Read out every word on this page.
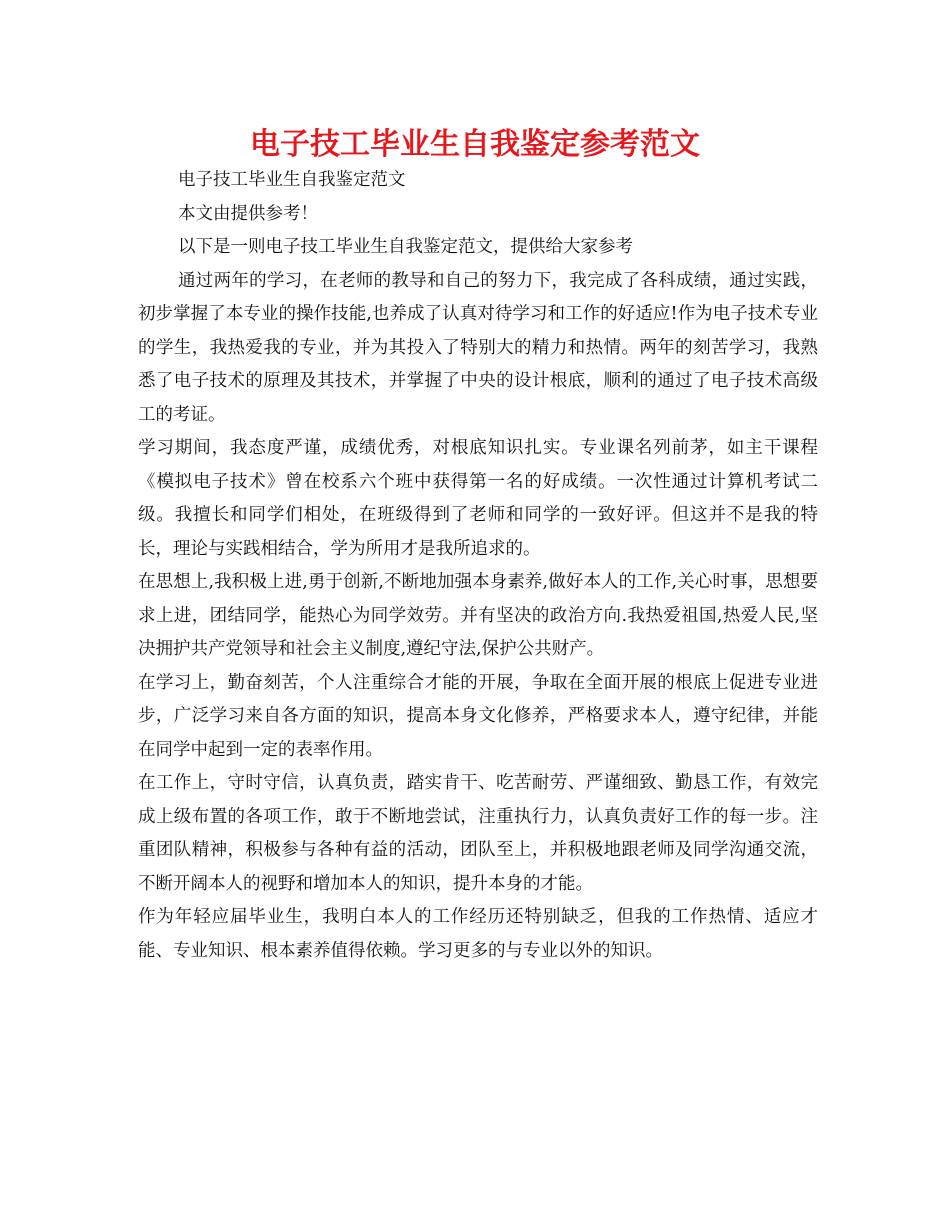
电子技工毕业生自我鉴定参考范文

电子技工毕业生自我鉴定范文

本文由提供参考！

以下是一则电子技工毕业生自我鉴定范文，提供给大家参考

通过两年的学习，在老师的教导和自己的努力下，我完成了各科成绩，通过实践，初步掌握了本专业的操作技能,也养成了认真对待学习和工作的好适应!作为电子技术专业的学生，我热爱我的专业，并为其投入了特别大的精力和热情。两年的刻苦学习，我熟悉了电子技术的原理及其技术，并掌握了中央的设计根底，顺利的通过了电子技术高级工的考证。

学习期间，我态度严谨，成绩优秀，对根底知识扎实。专业课名列前茅，如主干课程《模拟电子技术》曾在校系六个班中获得第一名的好成绩。一次性通过计算机考试二级。我擅长和同学们相处，在班级得到了老师和同学的一致好评。但这并不是我的特长，理论与实践相结合，学为所用才是我所追求的。

在思想上,我积极上进,勇于创新,不断地加强本身素养,做好本人的工作,关心时事，思想要求上进，团结同学，能热心为同学效劳。并有坚决的政治方向.我热爱祖国,热爱人民,坚决拥护共产党领导和社会主义制度,遵纪守法,保护公共财产。

在学习上，勤奋刻苦，个人注重综合才能的开展，争取在全面开展的根底上促进专业进步，广泛学习来自各方面的知识，提高本身文化修养，严格要求本人，遵守纪律，并能在同学中起到一定的表率作用。

在工作上，守时守信，认真负责，踏实肯干、吃苦耐劳、严谨细致、勤恳工作，有效完成上级布置的各项工作，敢于不断地尝试，注重执行力，认真负责好工作的每一步。注重团队精神，积极参与各种有益的活动，团队至上，并积极地跟老师及同学沟通交流，不断开阔本人的视野和增加本人的知识，提升本身的才能。

作为年轻应届毕业生，我明白本人的工作经历还特别缺乏，但我的工作热情、适应才能、专业知识、根本素养值得依赖。学习更多的与专业以外的知识。
